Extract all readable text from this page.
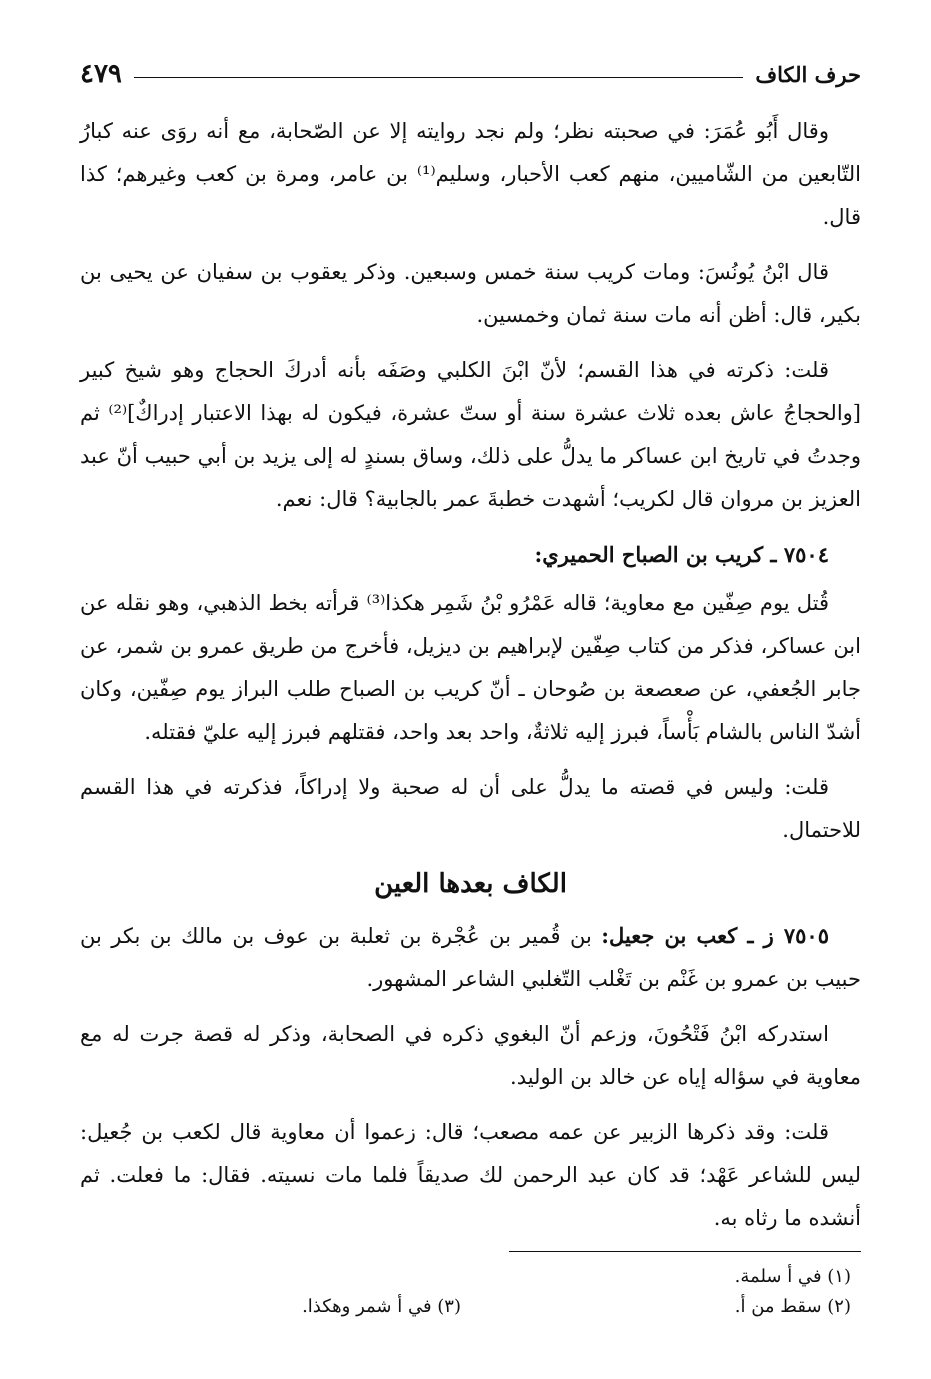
حرف الكاف
٤٧٩

وقال أَبُو عُمَرَ: في صحبته نظر؛ ولم نجد روايته إلا عن الصّحابة، مع أنه روَى عنه كبارُ التّابعين من الشّاميين، منهم كعب الأحبار، وسليم⁽¹⁾ بن عامر، ومرة بن كعب وغيرهم؛ كذا قال.

قال ابْنُ يُونُسَ: ومات كريب سنة خمس وسبعين. وذكر يعقوب بن سفيان عن يحيى بن بكير، قال: أظن أنه مات سنة ثمان وخمسين.

قلت: ذكرته في هذا القسم؛ لأنّ ابْنَ الكلبي وصَفَه بأنه أدركَ الحجاج وهو شيخ كبير [والحجاجُ عاش بعده ثلاث عشرة سنة أو ستّ عشرة، فيكون له بهذا الاعتبار إدراكٌ]⁽²⁾ ثم وجدتُ في تاريخ ابن عساكر ما يدلُّ على ذلك، وساق بسندٍ له إلى يزيد بن أبي حبيب أنّ عبد العزيز بن مروان قال لكريب؛ أشهدت خطبةَ عمر بالجابية؟ قال: نعم.

٧٥٠٤ ـ كريب بن الصباح الحميري:

قُتل يوم صِفّين مع معاوية؛ قاله عَمْرُو بْنُ شَمِر هكذا⁽³⁾ قرأته بخط الذهبي، وهو نقله عن ابن عساكر، فذكر من كتاب صِفّين لإبراهيم بن ديزيل، فأخرج من طريق عمرو بن شمر، عن جابر الجُعفي، عن صعصعة بن صُوحان ـ أنّ كريب بن الصباح طلب البراز يوم صِفّين، وكان أشدّ الناس بالشام بَأْساً، فبرز إليه ثلاثةٌ، واحد بعد واحد، فقتلهم فبرز إليه عليّ فقتله.

قلت: وليس في قصته ما يدلُّ على أن له صحبة ولا إدراكاً، فذكرته في هذا القسم للاحتمال.

الكاف بعدها العين

٧٥٠٥ ز ـ كعب بن جعيل: بن قُمير بن عُجْرة بن ثعلبة بن عوف بن مالك بن بكر بن حبيب بن عمرو بن غَنْم بن تَغْلب التّغلبي الشاعر المشهور.

استدركه ابْنُ فَتْحُونَ، وزعم أنّ البغوي ذكره في الصحابة، وذكر له قصة جرت له مع معاوية في سؤاله إياه عن خالد بن الوليد.

قلت: وقد ذكرها الزبير عن عمه مصعب؛ قال: زعموا أن معاوية قال لكعب بن جُعيل: ليس للشاعر عَهْد؛ قد كان عبد الرحمن لك صديقاً فلما مات نسيته. فقال: ما فعلت. ثم أنشده ما رثاه به.

(١) في أ سلمة.
(٢) سقط من أ.
(٣) في أ شمر وهكذا.
